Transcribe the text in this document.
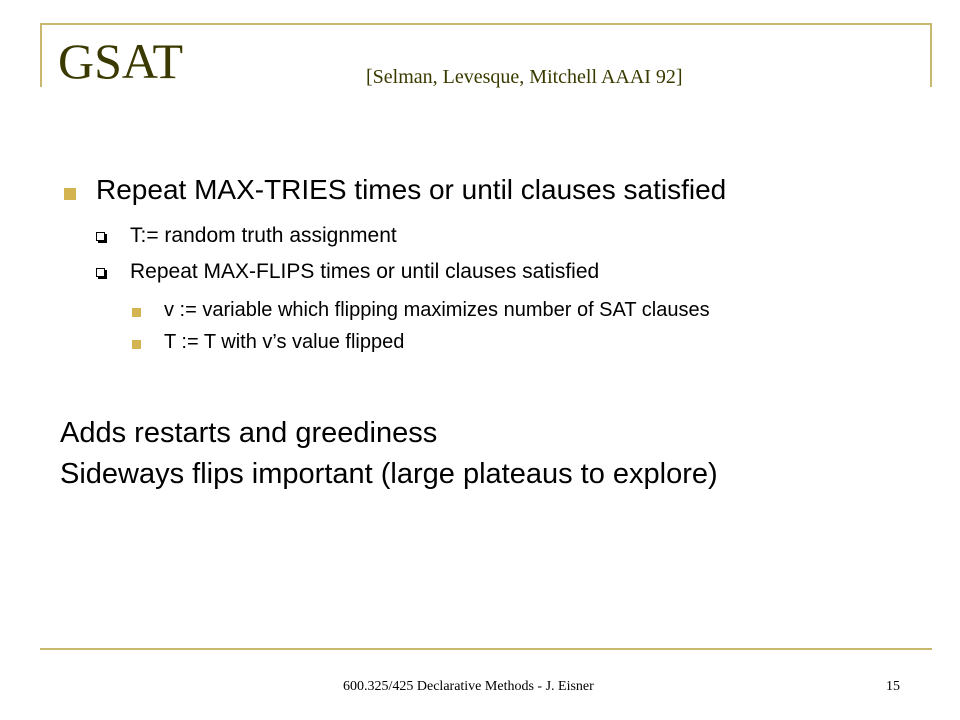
GSAT	[Selman, Levesque, Mitchell AAAI 92]
Repeat MAX-TRIES times or until clauses satisfied
T:= random truth assignment
Repeat MAX-FLIPS times or until clauses satisfied
v := variable which flipping maximizes number of SAT clauses
T := T with v’s value flipped
Adds restarts and greediness
Sideways flips important (large plateaus to explore)
600.325/425 Declarative Methods - J. Eisner	15
